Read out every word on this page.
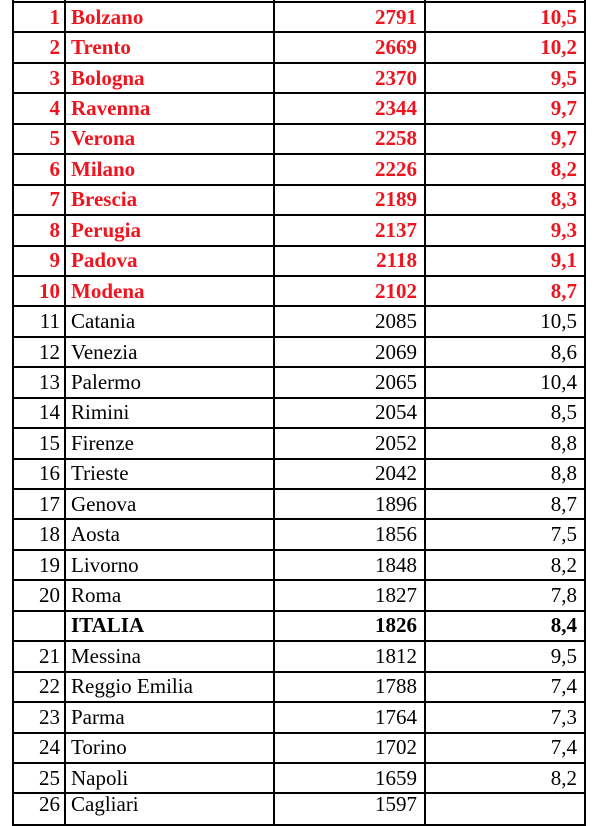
1	Bolzano	2791	10,5
2	Trento	2669	10,2
3	Bologna	2370	9,5
4	Ravenna	2344	9,7
5	Verona	2258	9,7
6	Milano	2226	8,2
7	Brescia	2189	8,3
8	Perugia	2137	9,3
9	Padova	2118	9,1
10	Modena	2102	8,7
11	Catania	2085	10,5
12	Venezia	2069	8,6
13	Palermo	2065	10,4
14	Rimini	2054	8,5
15	Firenze	2052	8,8
16	Trieste	2042	8,8
17	Genova	1896	8,7
18	Aosta	1856	7,5
19	Livorno	1848	8,2
20	Roma	1827	7,8
	ITALIA	1826	8,4
21	Messina	1812	9,5
22	Reggio Emilia	1788	7,4
23	Parma	1764	7,3
24	Torino	1702	7,4
25	Napoli	1659	8,2
26	Cagliari	1597	
